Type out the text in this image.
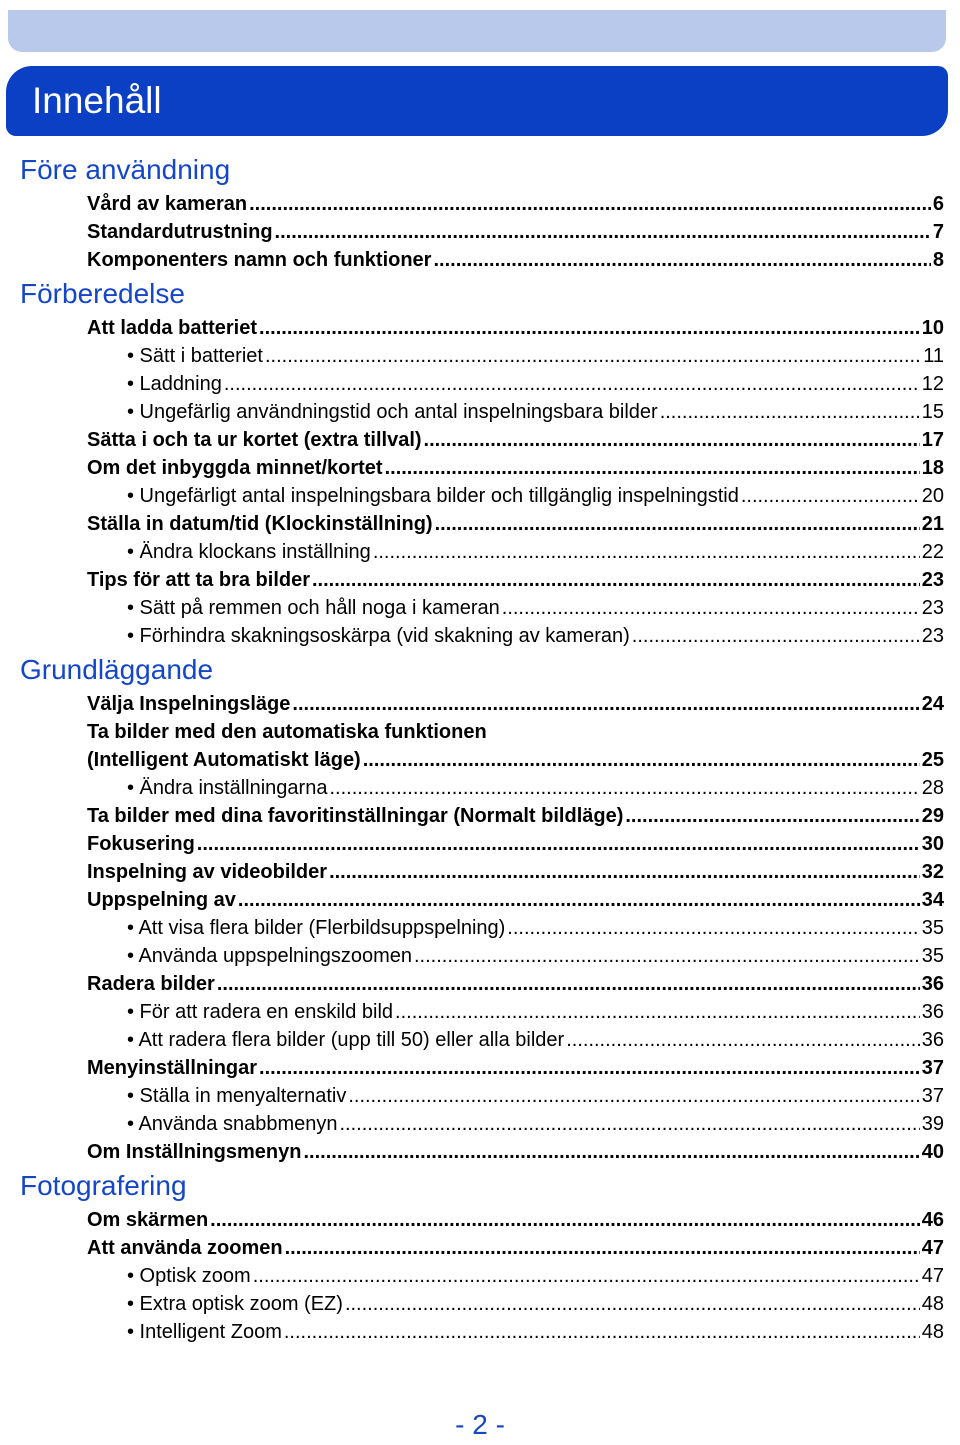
Innehåll
Före användning
Vård av kameran .....	6
Standardutrustning .....	7
Komponenters namn och funktioner .....	8
Förberedelse
Att ladda batteriet .....	10
• Sätt i batteriet .....	11
• Laddning .....	12
• Ungefärlig användningstid och antal inspelningsbara bilder .....	15
Sätta i och ta ur kortet (extra tillval) .....	17
Om det inbyggda minnet/kortet .....	18
• Ungefärligt antal inspelningsbara bilder och tillgänglig inspelningstid .....	20
Ställa in datum/tid (Klockinställning) .....	21
• Ändra klockans inställning .....	22
Tips för att ta bra bilder .....	23
• Sätt på remmen och håll noga i kameran .....	23
• Förhindra skakningsoskärpa (vid skakning av kameran) .....	23
Grundläggande
Välja Inspelningsläge .....	24
Ta bilder med den automatiska funktionen
(Intelligent Automatiskt läge) .....	25
• Ändra inställningarna .....	28
Ta bilder med dina favoritinställningar (Normalt bildläge) .....	29
Fokusering .....	30
Inspelning av videobilder .....	32
Uppspelning av .....	34
• Att visa flera bilder (Flerbildsuppspelning) .....	35
• Använda uppspelningszoomen .....	35
Radera bilder .....	36
• För att radera en enskild bild .....	36
• Att radera flera bilder (upp till 50) eller alla bilder .....	36
Menyinställningar .....	37
• Ställa in menyalternativ .....	37
• Använda snabbmenyn .....	39
Om Inställningsmenyn .....	40
Fotografering
Om skärmen .....	46
Att använda zoomen .....	47
• Optisk zoom .....	47
• Extra optisk zoom (EZ) .....	48
• Intelligent Zoom .....	48
- 2 -
